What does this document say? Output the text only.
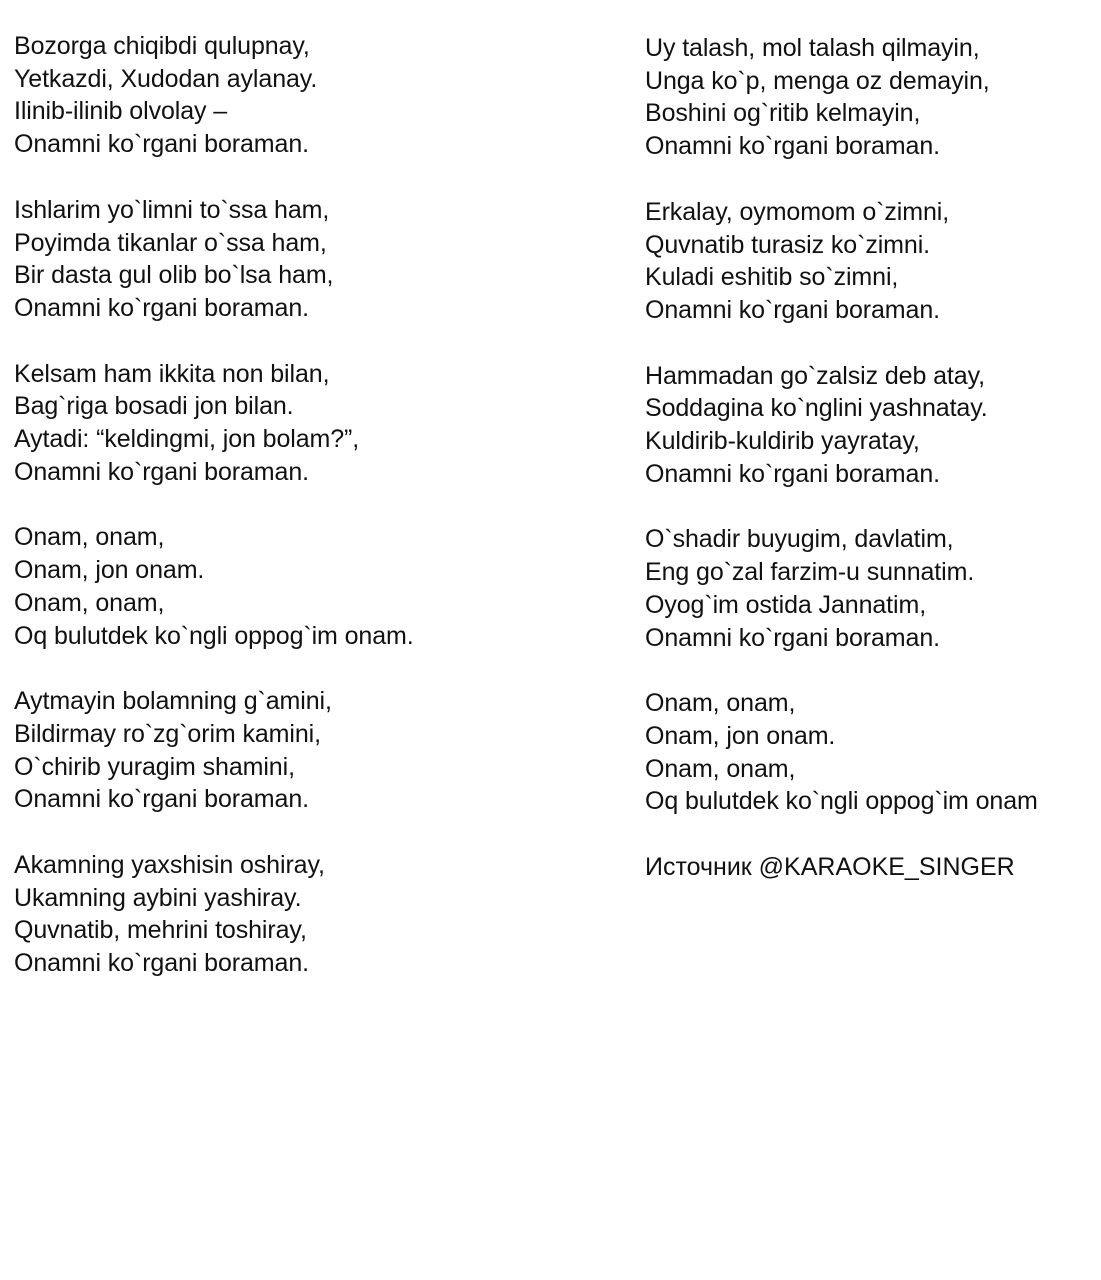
Bozorga chiqibdi qulupnay,
Yetkazdi, Xudodan aylanay.
Ilinib-ilinib olvolay –
Onamni ko`rgani boraman.
Ishlarim yo`limni to`ssa ham,
Poyimda tikanlar o`ssa ham,
Bir dasta gul olib bo`lsa ham,
Onamni ko`rgani boraman.
Kelsam ham ikkita non bilan,
Bag`riga bosadi jon bilan.
Aytadi: “keldingmi, jon bolam?”,
Onamni ko`rgani boraman.
Onam, onam,
Onam, jon onam.
Onam, onam,
Oq bulutdek ko`ngli oppog`im onam.
Aytmayin bolamning g`amini,
Bildirmay ro`zg`orim kamini,
O`chirib yuragim shamini,
Onamni ko`rgani boraman.
Akamning yaxshisin oshiray,
Ukamning aybini yashiray.
Quvnatib, mehrini toshiray,
Onamni ko`rgani boraman.
Uy talash, mol talash qilmayin,
Unga ko`p, menga oz demayin,
Boshini og`ritib kelmayin,
Onamni ko`rgani boraman.
Erkalay, oymomom o`zimni,
Quvnatib turasiz ko`zimni.
Kuladi eshitib so`zimni,
Onamni ko`rgani boraman.
Hammadan go`zalsiz deb atay,
Soddagina ko`nglini yashnatay.
Kuldirib-kuldirib yayratay,
Onamni ko`rgani boraman.
O`shadir buyugim, davlatim,
Eng go`zal farzim-u sunnatim.
Oyog`im ostida Jannatim,
Onamni ko`rgani boraman.
Onam, onam,
Onam, jon onam.
Onam, onam,
Oq bulutdek ko`ngli oppog`im onam
Источник @KARAOKE_SINGER
